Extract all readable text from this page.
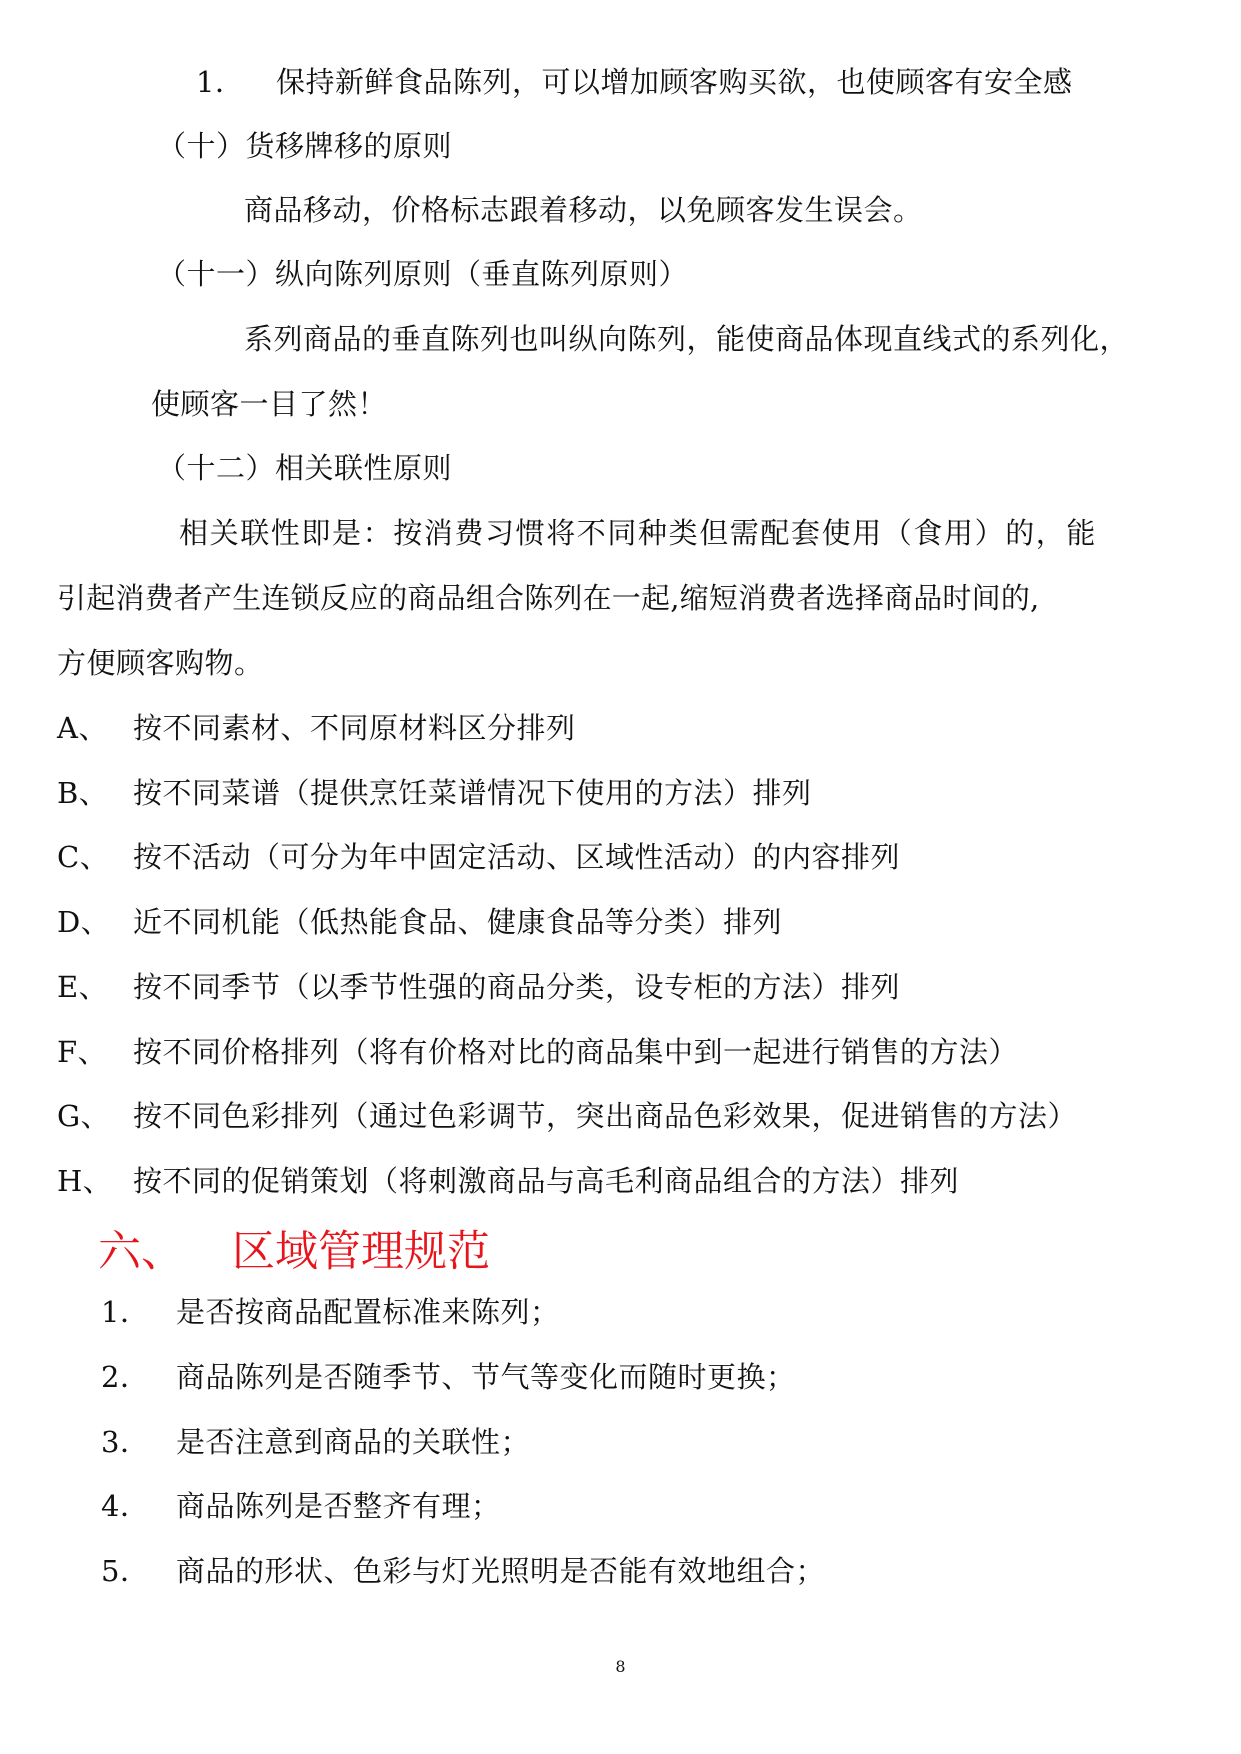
1． 保持新鲜食品陈列，可以增加顾客购买欲，也使顾客有安全感
（十）货移牌移的原则
商品移动，价格标志跟着移动，以免顾客发生误会。
（十一）纵向陈列原则（垂直陈列原则）
系列商品的垂直陈列也叫纵向陈列，能使商品体现直线式的系列化，
使顾客一目了然！
（十二）相关联性原则
相关联性即是：按消费习惯将不同种类但需配套使用（食用）的，能
引起消费者产生连锁反应的商品组合陈列在一起,缩短消费者选择商品时间的,
方便顾客购物。
A、 按不同素材、不同原材料区分排列
B、 按不同菜谱（提供烹饪菜谱情况下使用的方法）排列
C、 按不活动（可分为年中固定活动、区域性活动）的内容排列
D、 近不同机能（低热能食品、健康食品等分类）排列
E、 按不同季节（以季节性强的商品分类，设专柜的方法）排列
F、 按不同价格排列（将有价格对比的商品集中到一起进行销售的方法）
G、 按不同色彩排列（通过色彩调节，突出商品色彩效果，促进销售的方法）
H、 按不同的促销策划（将刺激商品与高毛利商品组合的方法）排列
六、 区域管理规范
1． 是否按商品配置标准来陈列；
2． 商品陈列是否随季节、节气等变化而随时更换；
3． 是否注意到商品的关联性；
4． 商品陈列是否整齐有理；
5． 商品的形状、色彩与灯光照明是否能有效地组合；
8
